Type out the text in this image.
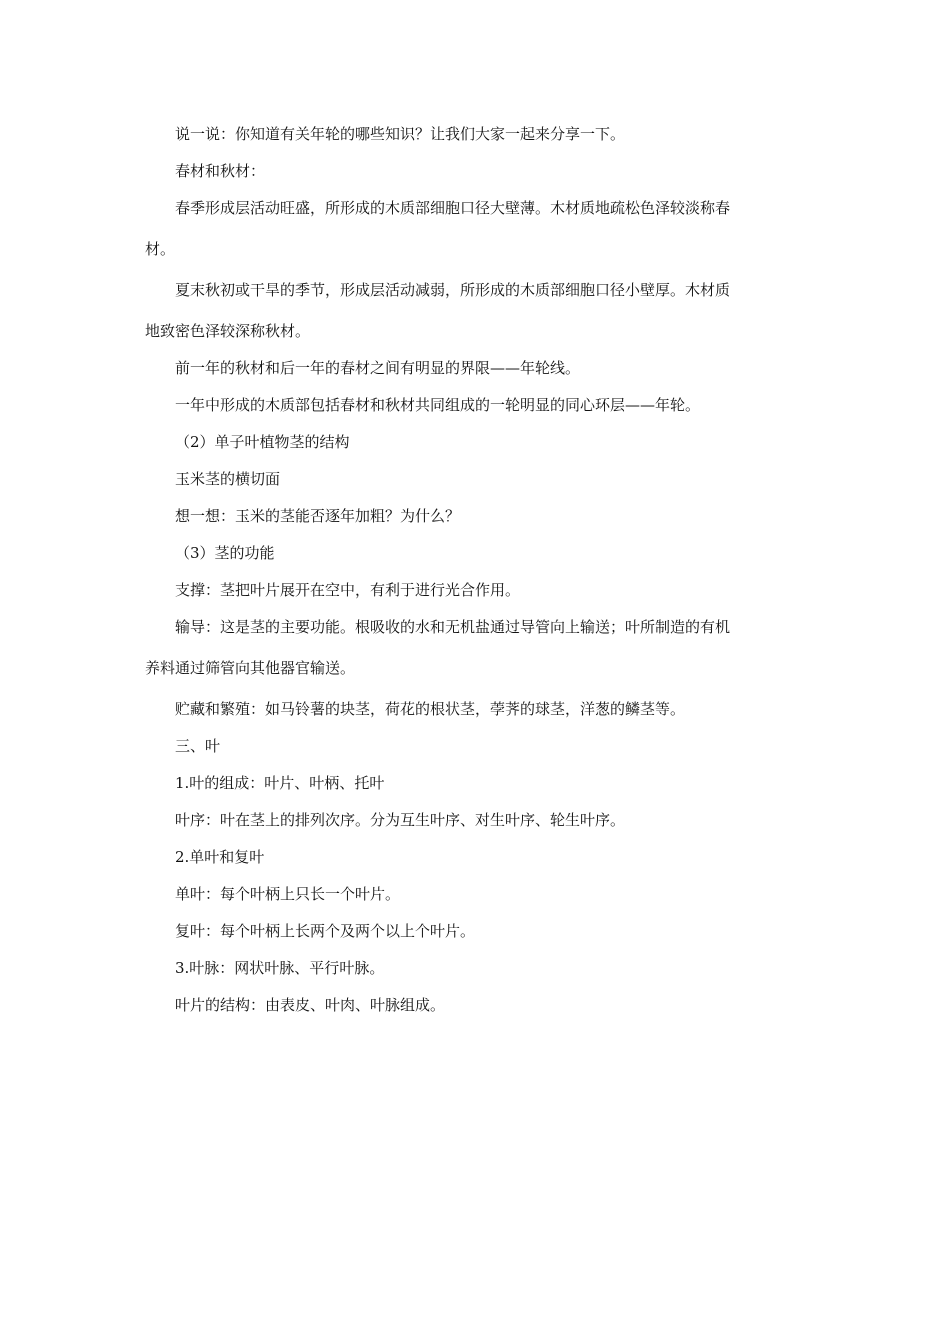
说一说：你知道有关年轮的哪些知识？让我们大家一起来分享一下。

春材和秋材：

春季形成层活动旺盛，所形成的木质部细胞口径大壁薄。木材质地疏松色泽较淡称春

材。

夏末秋初或干旱的季节，形成层活动减弱，所形成的木质部细胞口径小壁厚。木材质

地致密色泽较深称秋材。

前一年的秋材和后一年的春材之间有明显的界限——年轮线。

一年中形成的木质部包括春材和秋材共同组成的一轮明显的同心环层——年轮。

（2）单子叶植物茎的结构

玉米茎的横切面

想一想：玉米的茎能否逐年加粗？为什么？

（3）茎的功能

支撑：茎把叶片展开在空中，有利于进行光合作用。

输导：这是茎的主要功能。根吸收的水和无机盐通过导管向上输送；叶所制造的有机

养料通过筛管向其他器官输送。

贮藏和繁殖：如马铃薯的块茎，荷花的根状茎，荸荠的球茎，洋葱的鳞茎等。

三、叶

1.叶的组成：叶片、叶柄、托叶

叶序：叶在茎上的排列次序。分为互生叶序、对生叶序、轮生叶序。

2.单叶和复叶

单叶：每个叶柄上只长一个叶片。

复叶：每个叶柄上长两个及两个以上个叶片。

3.叶脉：网状叶脉、平行叶脉。

叶片的结构：由表皮、叶肉、叶脉组成。
